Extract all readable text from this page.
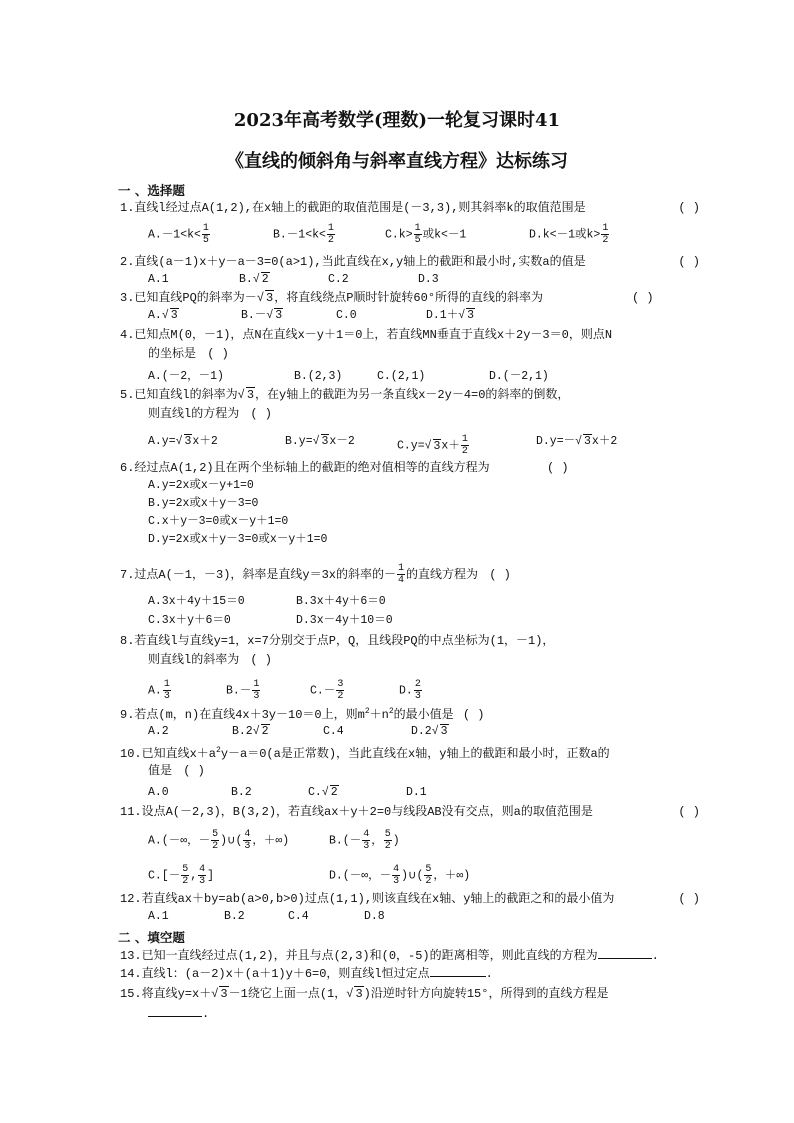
2023年高考数学(理数)一轮复习课时41
《直线的倾斜角与斜率直线方程》达标练习
一 、选择题
1.直线l经过点A(1,2),在x轴上的截距的取值范围是(－3,3),则其斜率k的取值范围是	( )
$A.-1<k< \frac{1}{5}$	$B.-1<k< \frac{1}{2}$	$C.k> \frac{1}{5}$ 或k<－1	D.k<－1或$k> \frac{1}{2}$
2.直线(a－1)x＋y－a－3=0(a>1),当此直线在x,y轴上的截距和最小时,实数a的值是	( )
A.1	B.√ 2	C.2	D.3
3.已知直线PQ的斜率为－√ 3，将直线绕点P顺时针旋转60°所得的直线的斜率为	( )
A.√ 3	B.－√ 3	C.0	D.1＋√ 3
4.已知点M(0，－1)，点N在直线x－y＋1＝0上，若直线MN垂直于直线x＋2y－3＝0，则点N
的坐标是 ( )
A.(－2，－1)	B.(2,3)	C.(2,1)	D.(－2,1)
5.已知直线l的斜率为√ 3，在y轴上的截距为另一条直线x－2y－4=0的斜率的倒数，
则直线l的方程为 ( )
A.y=√ 3x＋2	B.y=√ 3x－2	C.y=√ $3x+ \frac{1}{2}$	D.y=－√ 3x＋2
6.经过点A(1,2)且在两个坐标轴上的截距的绝对值相等的直线方程为	( )
A.y=2x或x－y+1=0
B.y=2x或x＋y－3=0
C.x＋y－3=0或x－y＋1=0
D.y=2x或x＋y－3=0或x－y＋1=0
7.过点A(－1，－3)，斜率是直线y＝3x的斜率的－ $\frac{1}{4}$ 的直线方程为 ( )
A.3x＋4y＋15＝0	B.3x＋4y＋6＝0
C.3x＋y＋6＝0	D.3x－4y＋10＝0
8.若直线l与直线y=1，x=7分别交于点P，Q，且线段PQ的中点坐标为(1，－1)，
则直线l的斜率为 ( )
A. $\frac{1}{3}$	$B.- \frac{1}{3}$	$C.- \frac{3}{2}$	D. $\frac{2}{3}$
9.若点(m，n)在直线4x＋3y－10＝0上，则$m^2+n^2$的最小值是 ( )
A.2	B.2√ 2	C.4	D.2√ 3
10.已知直线$x+a^2y-a=0(a$是正常数)，当此直线在x轴，y轴上的截距和最小时，正数a的
值是 ( )
A.0	B.2	C.√ 2	D.1
11.设点A(－2,3)，B(3,2)，若直线ax＋y＋2=0与线段AB没有交点，则a的取值范围是	( )
A.(－∞，－ $\frac{5}{2}$ )∪( $\frac{4}{3}$ ，＋∞)	$B.(- \frac{4}{3}$ ， $\frac{5}{2}$ )
$C.[- \frac{5}{2}$ , $\frac{4}{3}$ ]	D.(－∞，－ $\frac{4}{3}$ )∪( $\frac{5}{2}$ ，＋∞)
12.若直线ax＋by=ab(a>0,b>0)过点(1,1),则该直线在x轴、y轴上的截距之和的最小值为	( )
A.1	B.2	C.4	D.8
二 、填空题
13.已知一直线经过点(1,2)，并且与点(2,3)和(0，-5)的距离相等，则此直线的方程为	.
14.直线l：(a－2)x＋(a＋1)y＋6=0，则直线l恒过定点	.
15.将直线y=x＋√ 3－1绕它上面一点(1，√ 3)沿逆时针方向旋转15°，所得到的直线方程是
.
